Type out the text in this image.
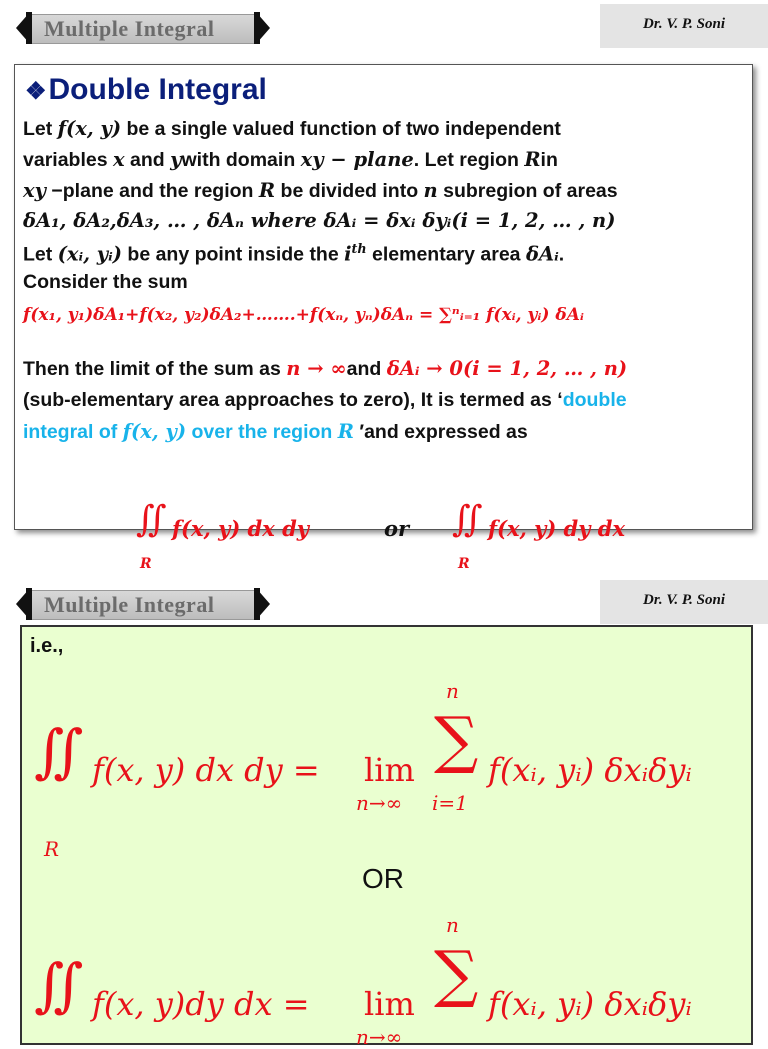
Multiple Integral	Dr. V. P. Soni
❖Double Integral
Let f(x, y) be a single valued function of two independent
variables x and ywith domain xy − plane. Let region Rin
xy −plane and the region R be divided into n subregion of areas
δA₁, δA₂,δA₃, … , δAₙ where δAᵢ = δxᵢ δyᵢ(i = 1, 2, … , n)
Let (xᵢ, yᵢ) be any point inside the $i^{th}$ elementary area δAᵢ.
Consider the sum
f(x₁, y₁)δA₁+f(x₂, y₂)δA₂+…….+f(xₙ, yₙ)δAₙ = ∑ⁿᵢ₌₁ f(xᵢ, yᵢ) δAᵢ
Then the limit of the sum as n → ∞and δAᵢ → 0(i = 1, 2, … , n)
(sub-elementary area approaches to zero), It is termed as ‘double
integral of f(x, y) over the region R ′and expressed as
∬
R
f(x, y) dx dy	or ∬
R
f(x, y) dy dx
Multiple Integral	Dr. V. P. Soni
i.e.,
∬
R
f(x, y) dx dy = lim
n→∞
n
∑
i=1
f(xᵢ, yᵢ) δxᵢδyᵢ
OR
∬ f(x, y)dy dx = lim
n→∞
n
∑ f(xᵢ, yᵢ) δxᵢδyᵢ
